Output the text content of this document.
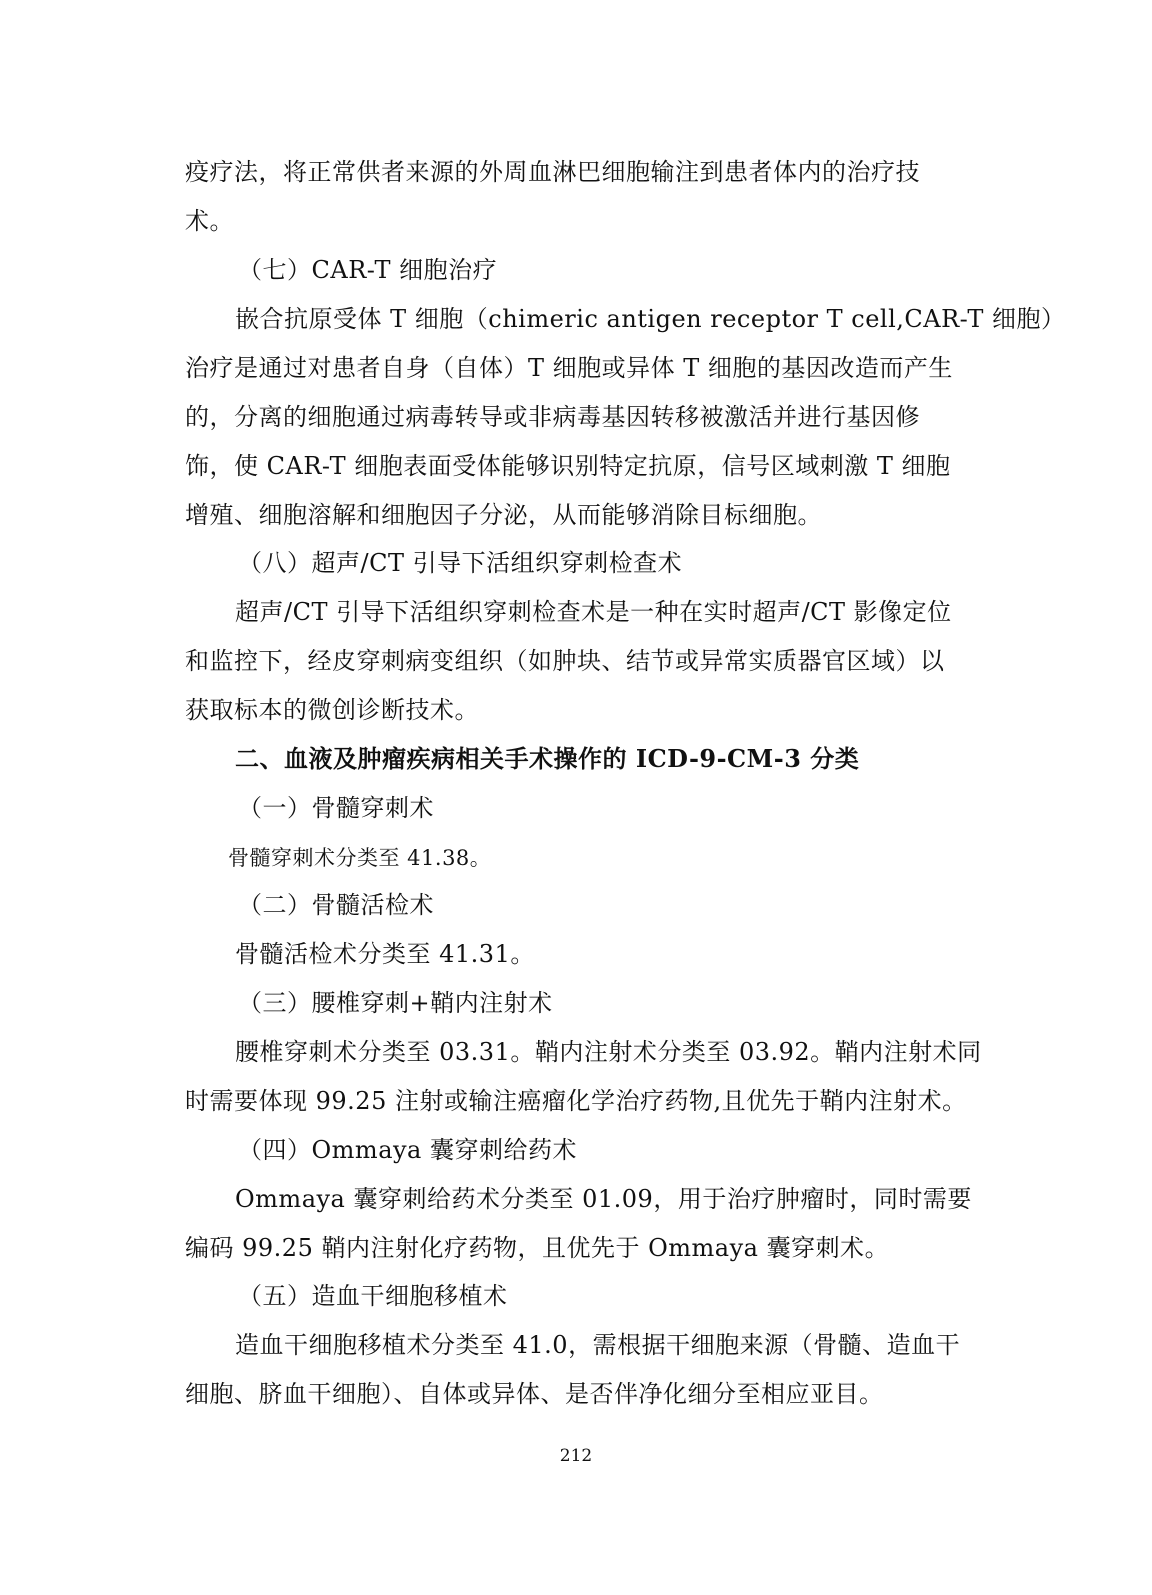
疫疗法，将正常供者来源的外周血淋巴细胞输注到患者体内的治疗技
术。
（七）CAR-T 细胞治疗
嵌合抗原受体 T 细胞（chimeric antigen receptor T cell,CAR-T 细胞）
治疗是通过对患者自身（自体）T 细胞或异体 T 细胞的基因改造而产生
的，分离的细胞通过病毒转导或非病毒基因转移被激活并进行基因修
饰，使 CAR-T 细胞表面受体能够识别特定抗原，信号区域刺激 T 细胞
增殖、细胞溶解和细胞因子分泌，从而能够消除目标细胞。
（八）超声/CT 引导下活组织穿刺检查术
超声/CT 引导下活组织穿刺检查术是一种在实时超声/CT 影像定位
和监控下，经皮穿刺病变组织（如肿块、结节或异常实质器官区域）以
获取标本的微创诊断技术。
二、血液及肿瘤疾病相关手术操作的 ICD-9-CM-3 分类
（一）骨髓穿刺术
骨髓穿刺术分类至 41.38。
（二）骨髓活检术
骨髓活检术分类至 41.31。
（三）腰椎穿刺+鞘内注射术
腰椎穿刺术分类至 03.31。鞘内注射术分类至 03.92。鞘内注射术同
时需要体现 99.25 注射或输注癌瘤化学治疗药物,且优先于鞘内注射术。
（四）Ommaya 囊穿刺给药术
Ommaya 囊穿刺给药术分类至 01.09，用于治疗肿瘤时，同时需要
编码 99.25 鞘内注射化疗药物，且优先于 Ommaya 囊穿刺术。
（五）造血干细胞移植术
造血干细胞移植术分类至 41.0，需根据干细胞来源（骨髓、造血干
细胞、脐血干细胞）、自体或异体、是否伴净化细分至相应亚目。
212
